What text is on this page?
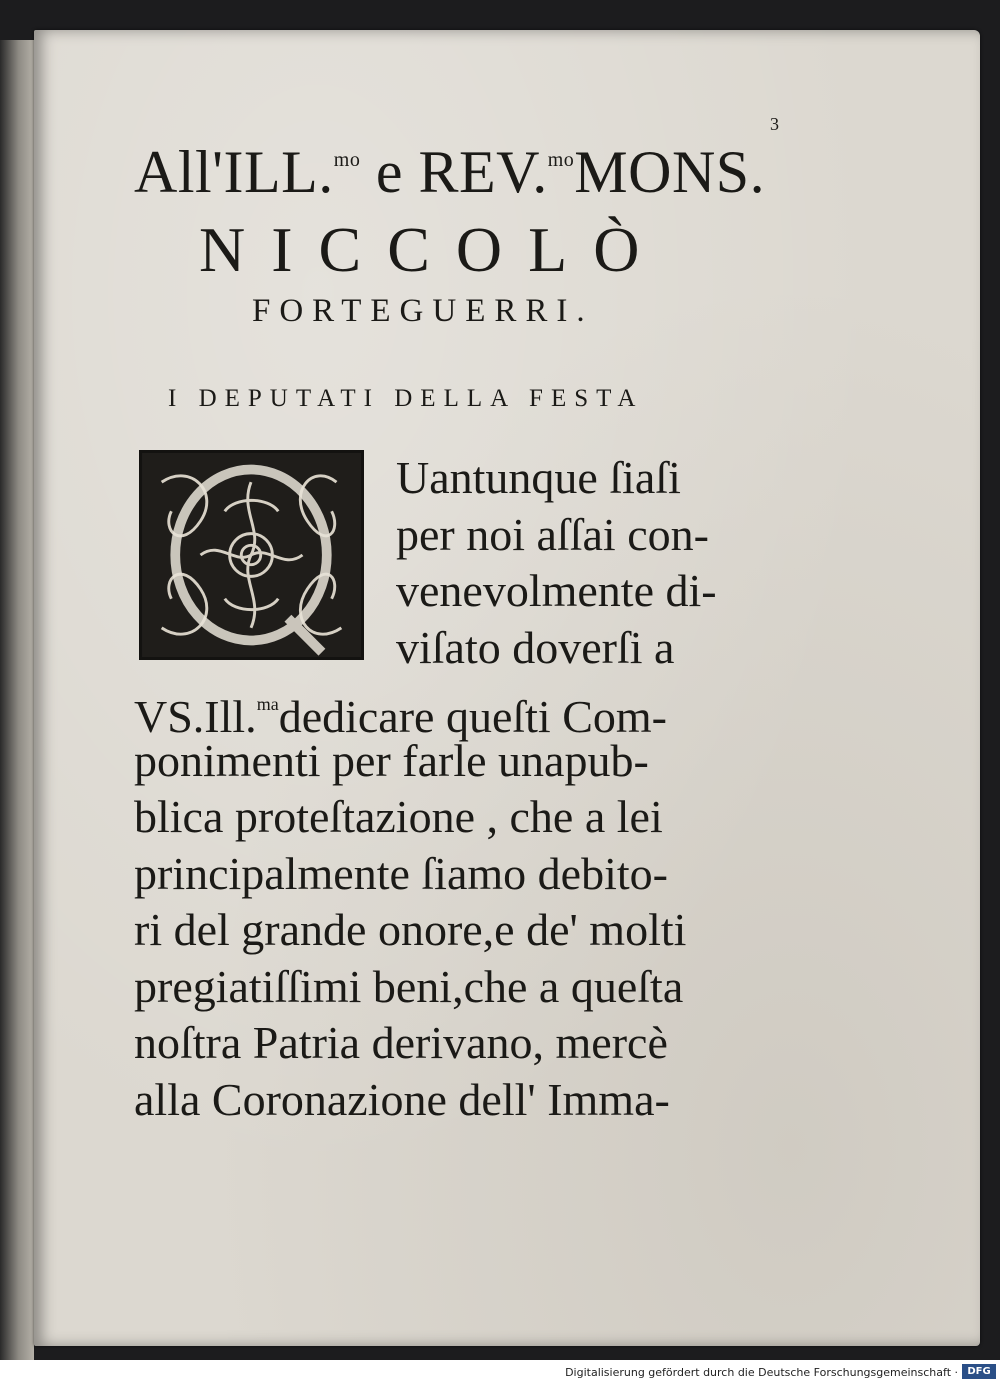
3
All'ILL.$^{mo}$ e REV.$^{mo}$MONS.
NICCOLÒ
FORTEGUERRI.
I DEPUTATI DELLA FESTA
Uantunque ſiaſi
per noi aſſai con-
venevolmente di-
viſato doverſi a
VS.Ill.$^{ma}$dedicare queſti Com-
ponimenti per farle unapub-
blica proteſtazione , che a lei
principalmente ſiamo debito-
ri del grande onore,e de' molti
pregiatiſſimi beni,che a queſta
noſtra Patria derivano, mercè
alla Coronazione dell' Imma-
Digitalisierung gefördert durch die Deutsche Forschungsgemeinschaft · DFG
